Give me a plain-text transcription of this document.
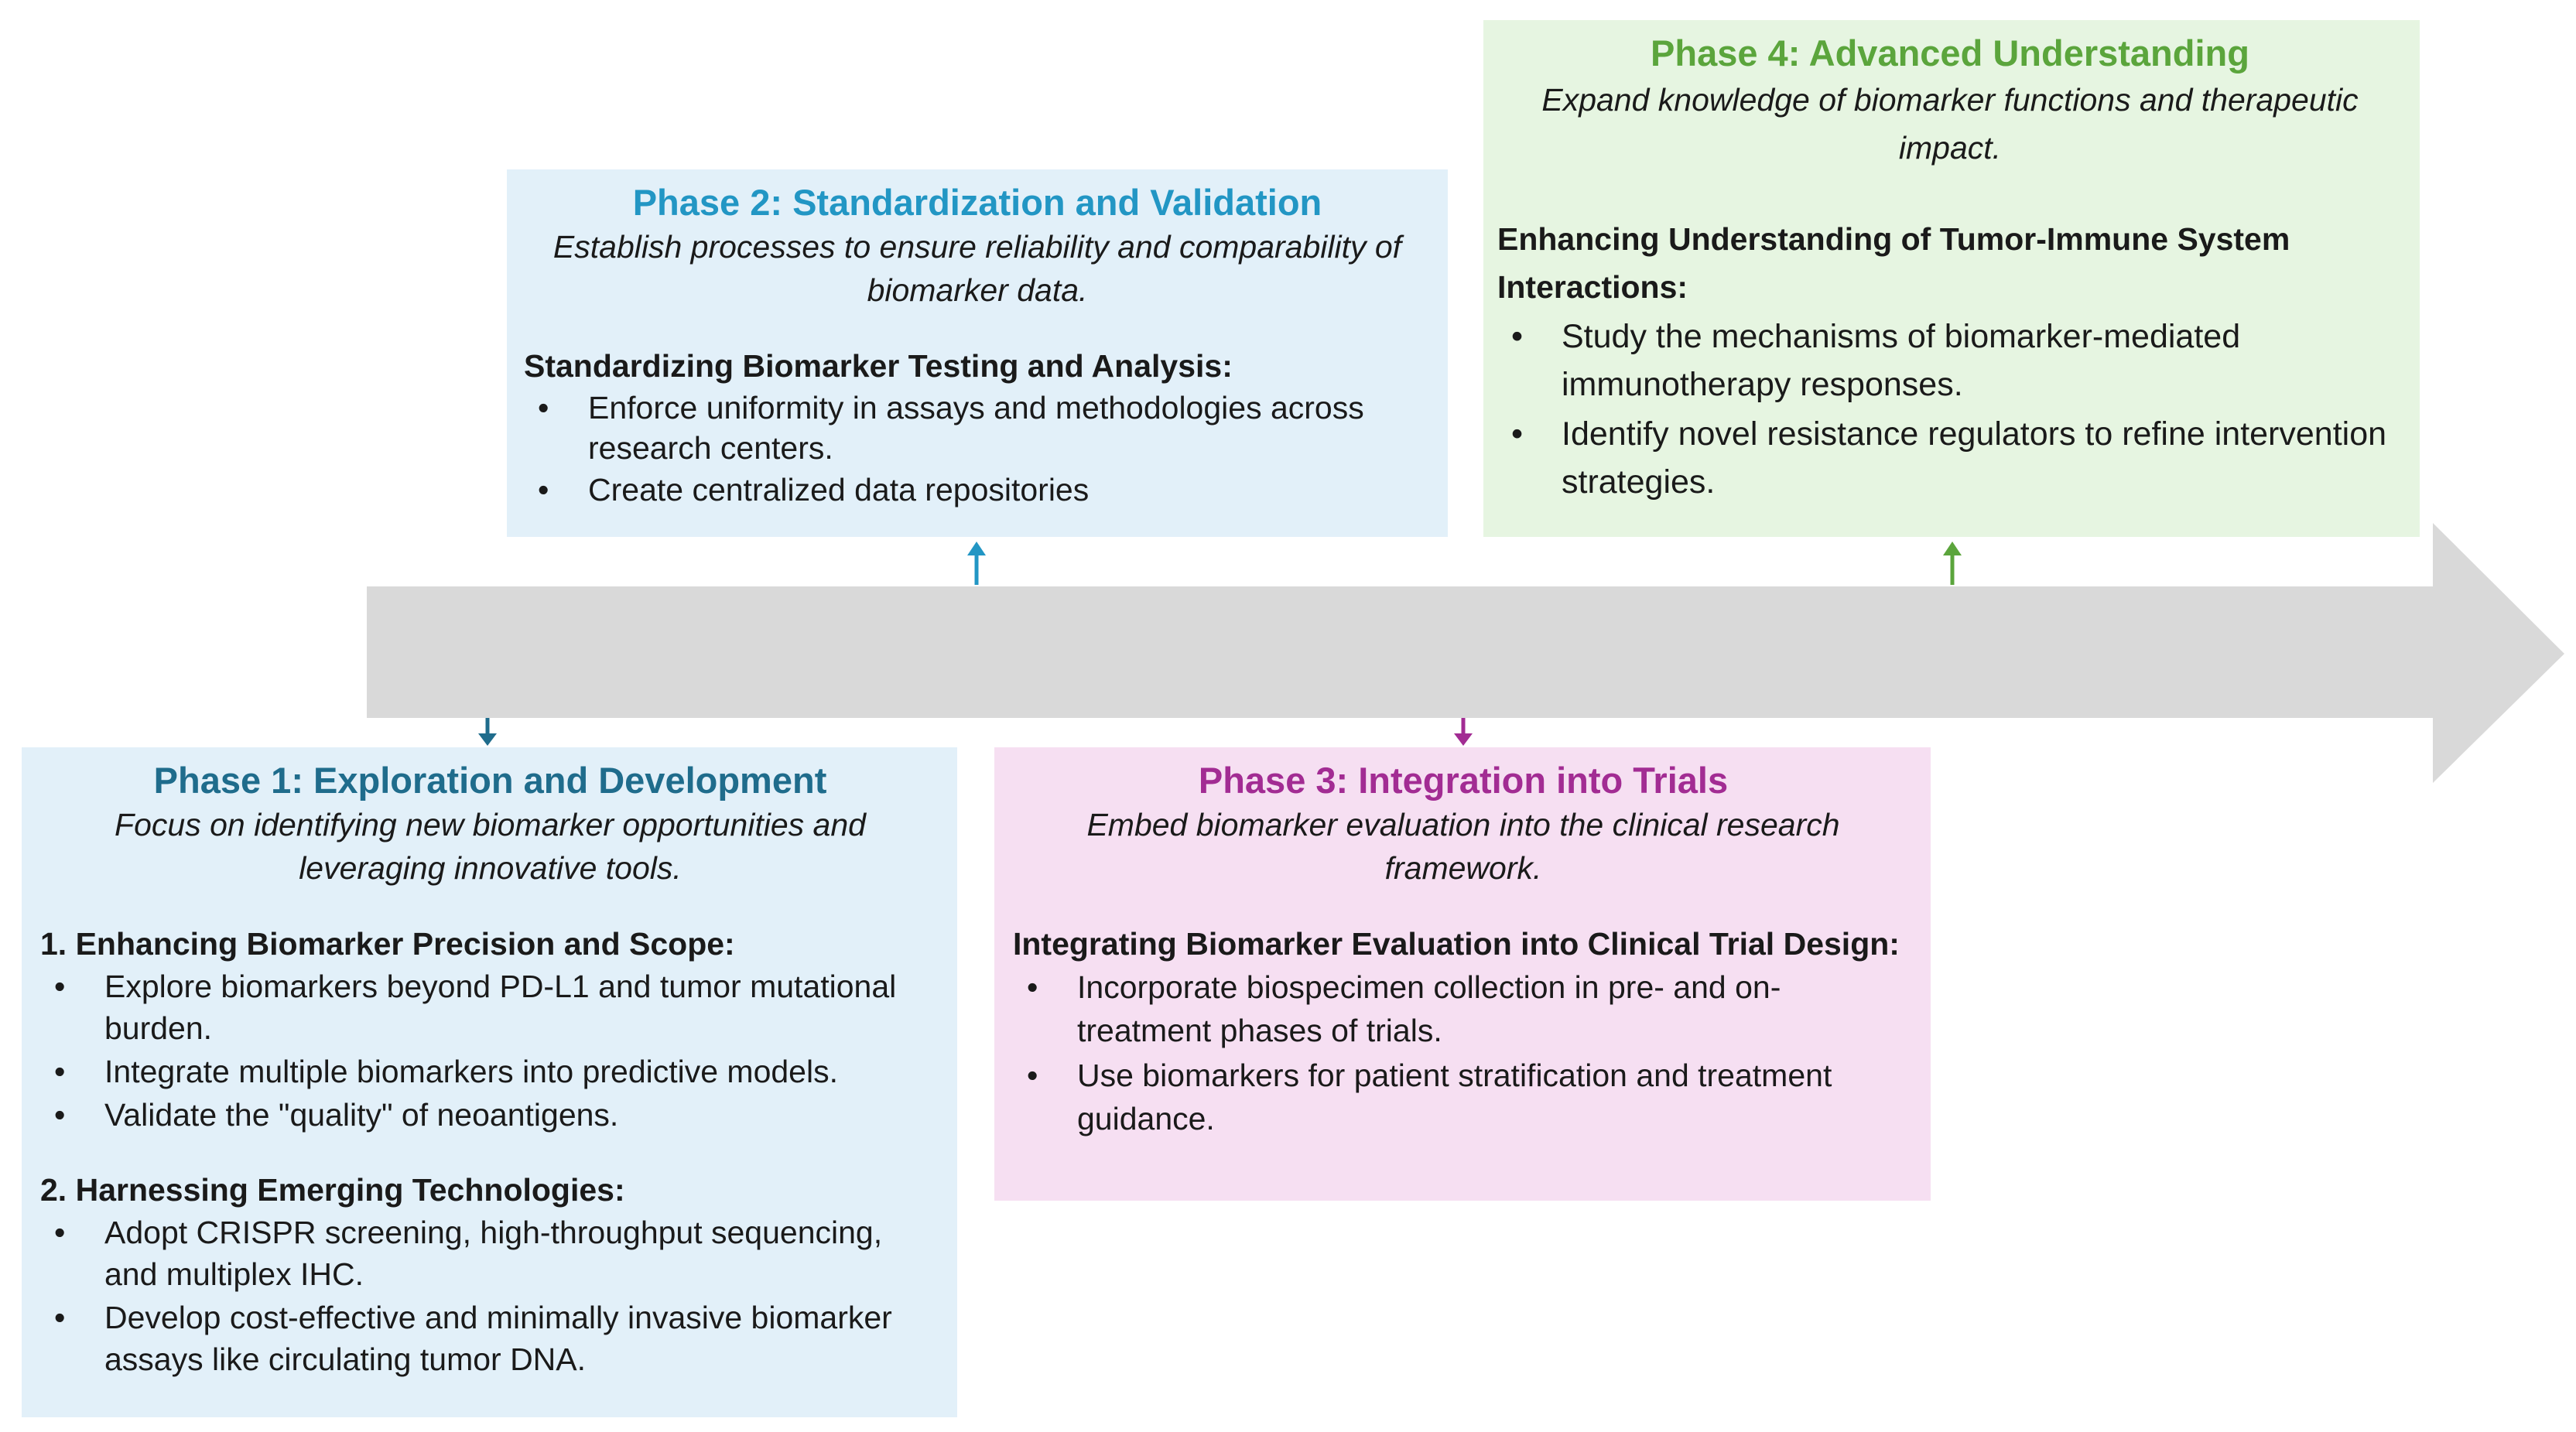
Phase 2: Standardization and Validation
Establish processes to ensure reliability and comparability of biomarker data.
Standardizing Biomarker Testing and Analysis:
• Enforce uniformity in assays and methodologies across research centers.
• Create centralized data repositories
Phase 4: Advanced Understanding
Expand knowledge of biomarker functions and therapeutic impact.
Enhancing Understanding of Tumor-Immune System Interactions:
• Study the mechanisms of biomarker-mediated immunotherapy responses.
• Identify novel resistance regulators to refine intervention strategies.
Phase 1: Exploration and Development
Focus on identifying new biomarker opportunities and leveraging innovative tools.
1. Enhancing Biomarker Precision and Scope:
• Explore biomarkers beyond PD-L1 and tumor mutational burden.
• Integrate multiple biomarkers into predictive models.
• Validate the "quality" of neoantigens.
2. Harnessing Emerging Technologies:
• Adopt CRISPR screening, high-throughput sequencing, and multiplex IHC.
• Develop cost-effective and minimally invasive biomarker assays like circulating tumor DNA.
Phase 3: Integration into Trials
Embed biomarker evaluation into the clinical research framework.
Integrating Biomarker Evaluation into Clinical Trial Design:
• Incorporate biospecimen collection in pre- and on-treatment phases of trials.
• Use biomarkers for patient stratification and treatment guidance.
